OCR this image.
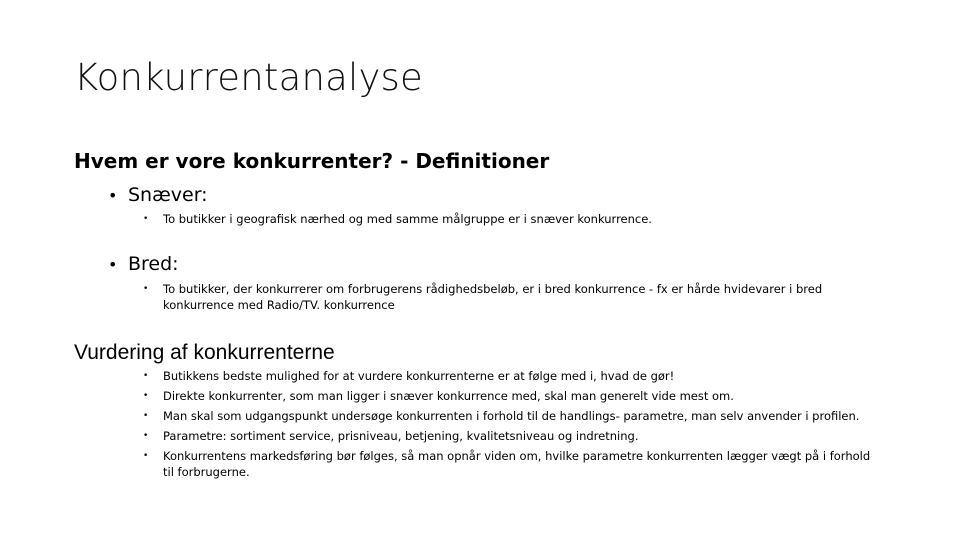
Konkurrentanalyse
Hvem er vore konkurrenter? - Definitioner
• Snæver:
•	To butikker i geografisk nærhed og med samme målgruppe er i snæver konkurrence.
• Bred:
•	To butikker, der konkurrerer om forbrugerens rådighedsbeløb, er i bred konkurrence - fx er hårde hvidevarer i bred konkurrence med Radio/TV. konkurrence
Vurdering af konkurrenterne
•	Butikkens bedste mulighed for at vurdere konkurrenterne er at følge med i, hvad de gør!
•	Direkte konkurrenter, som man ligger i snæver konkurrence med, skal man generelt vide mest om.
•	Man skal som udgangspunkt undersøge konkurrenten i forhold til de handlings- parametre, man selv anvender i profilen.
•	Parametre: sortiment service, prisniveau, betjening, kvalitetsniveau og indretning.
•	Konkurrentens markedsføring bør følges, så man opnår viden om, hvilke parametre konkurrenten lægger vægt på i forhold til forbrugerne.
